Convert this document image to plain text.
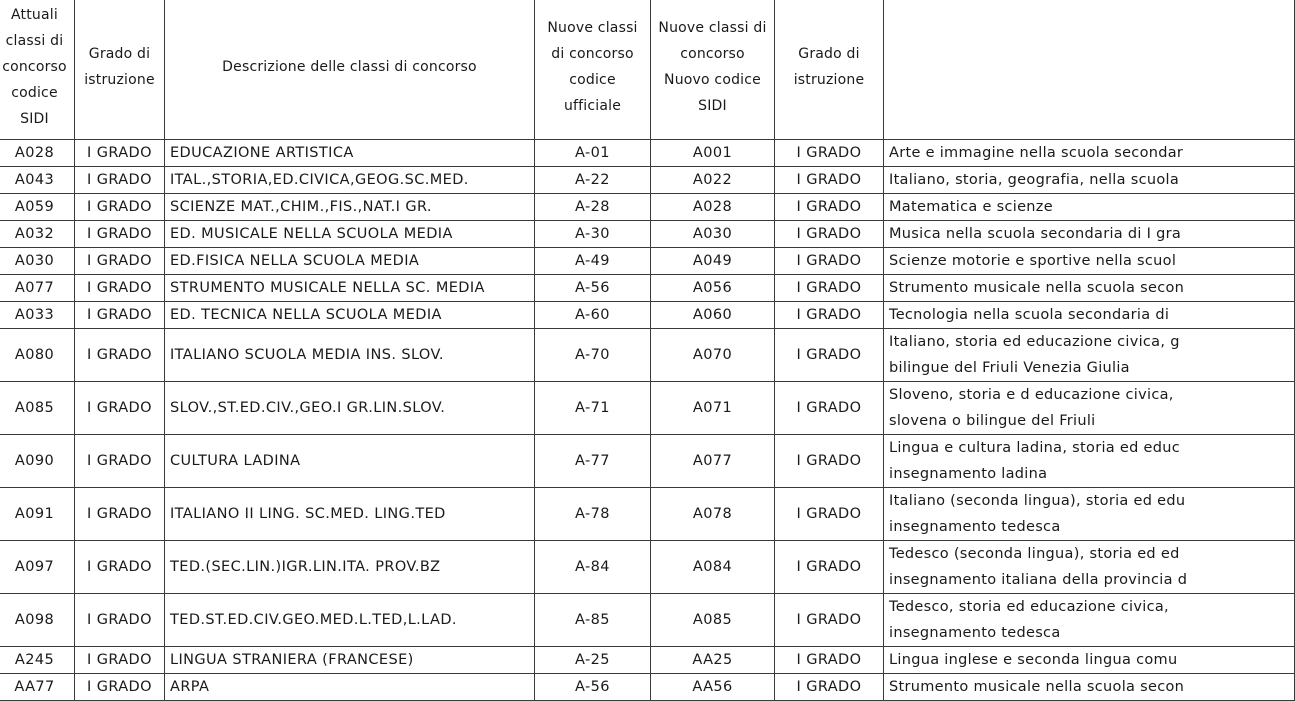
Attuali classi di concorso codice SIDI	Grado di istruzione	Descrizione delle classi di concorso	Nuove classi di concorso codice ufficiale	Nuove classi di concorso Nuovo codice SIDI	Grado di istruzione	
A028	I GRADO	EDUCAZIONE ARTISTICA	A-01	A001	I GRADO	Arte e immagine nella scuola secondar

A043	I GRADO	ITAL.,STORIA,ED.CIVICA,GEOG.SC.MED.	A-22	A022	I GRADO	Italiano, storia, geografia, nella scuola

A059	I GRADO	SCIENZE MAT.,CHIM.,FIS.,NAT.I GR.	A-28	A028	I GRADO	Matematica e scienze

A032	I GRADO	ED. MUSICALE NELLA SCUOLA MEDIA	A-30	A030	I GRADO	Musica nella scuola secondaria di I gra

A030	I GRADO	ED.FISICA NELLA SCUOLA MEDIA	A-49	A049	I GRADO	Scienze motorie e sportive nella scuol

A077	I GRADO	STRUMENTO MUSICALE NELLA SC. MEDIA	A-56	A056	I GRADO	Strumento musicale nella scuola secon

A033	I GRADO	ED. TECNICA NELLA SCUOLA MEDIA	A-60	A060	I GRADO	Tecnologia nella scuola secondaria di

A080	I GRADO	ITALIANO SCUOLA MEDIA INS. SLOV.	A-70	A070	I GRADO	Italiano, storia ed educazione civica, g
bilingue del Friuli Venezia Giulia

A085	I GRADO	SLOV.,ST.ED.CIV.,GEO.I GR.LIN.SLOV.	A-71	A071	I GRADO	Sloveno, storia e d educazione civica,
slovena o bilingue del Friuli

A090	I GRADO	CULTURA LADINA	A-77	A077	I GRADO	Lingua e cultura ladina, storia ed educ
insegnamento ladina

A091	I GRADO	ITALIANO II LING. SC.MED. LING.TED	A-78	A078	I GRADO	Italiano (seconda lingua), storia ed edu
insegnamento tedesca

A097	I GRADO	TED.(SEC.LIN.)IGR.LIN.ITA. PROV.BZ	A-84	A084	I GRADO	Tedesco (seconda lingua), storia ed ed
insegnamento italiana della provincia d

A098	I GRADO	TED.ST.ED.CIV.GEO.MED.L.TED,L.LAD.	A-85	A085	I GRADO	Tedesco, storia ed educazione civica,
insegnamento tedesca

A245	I GRADO	LINGUA STRANIERA (FRANCESE)	A-25	AA25	I GRADO	Lingua inglese e seconda lingua comu

AA77	I GRADO	ARPA	A-56	AA56	I GRADO	Strumento musicale nella scuola secon
